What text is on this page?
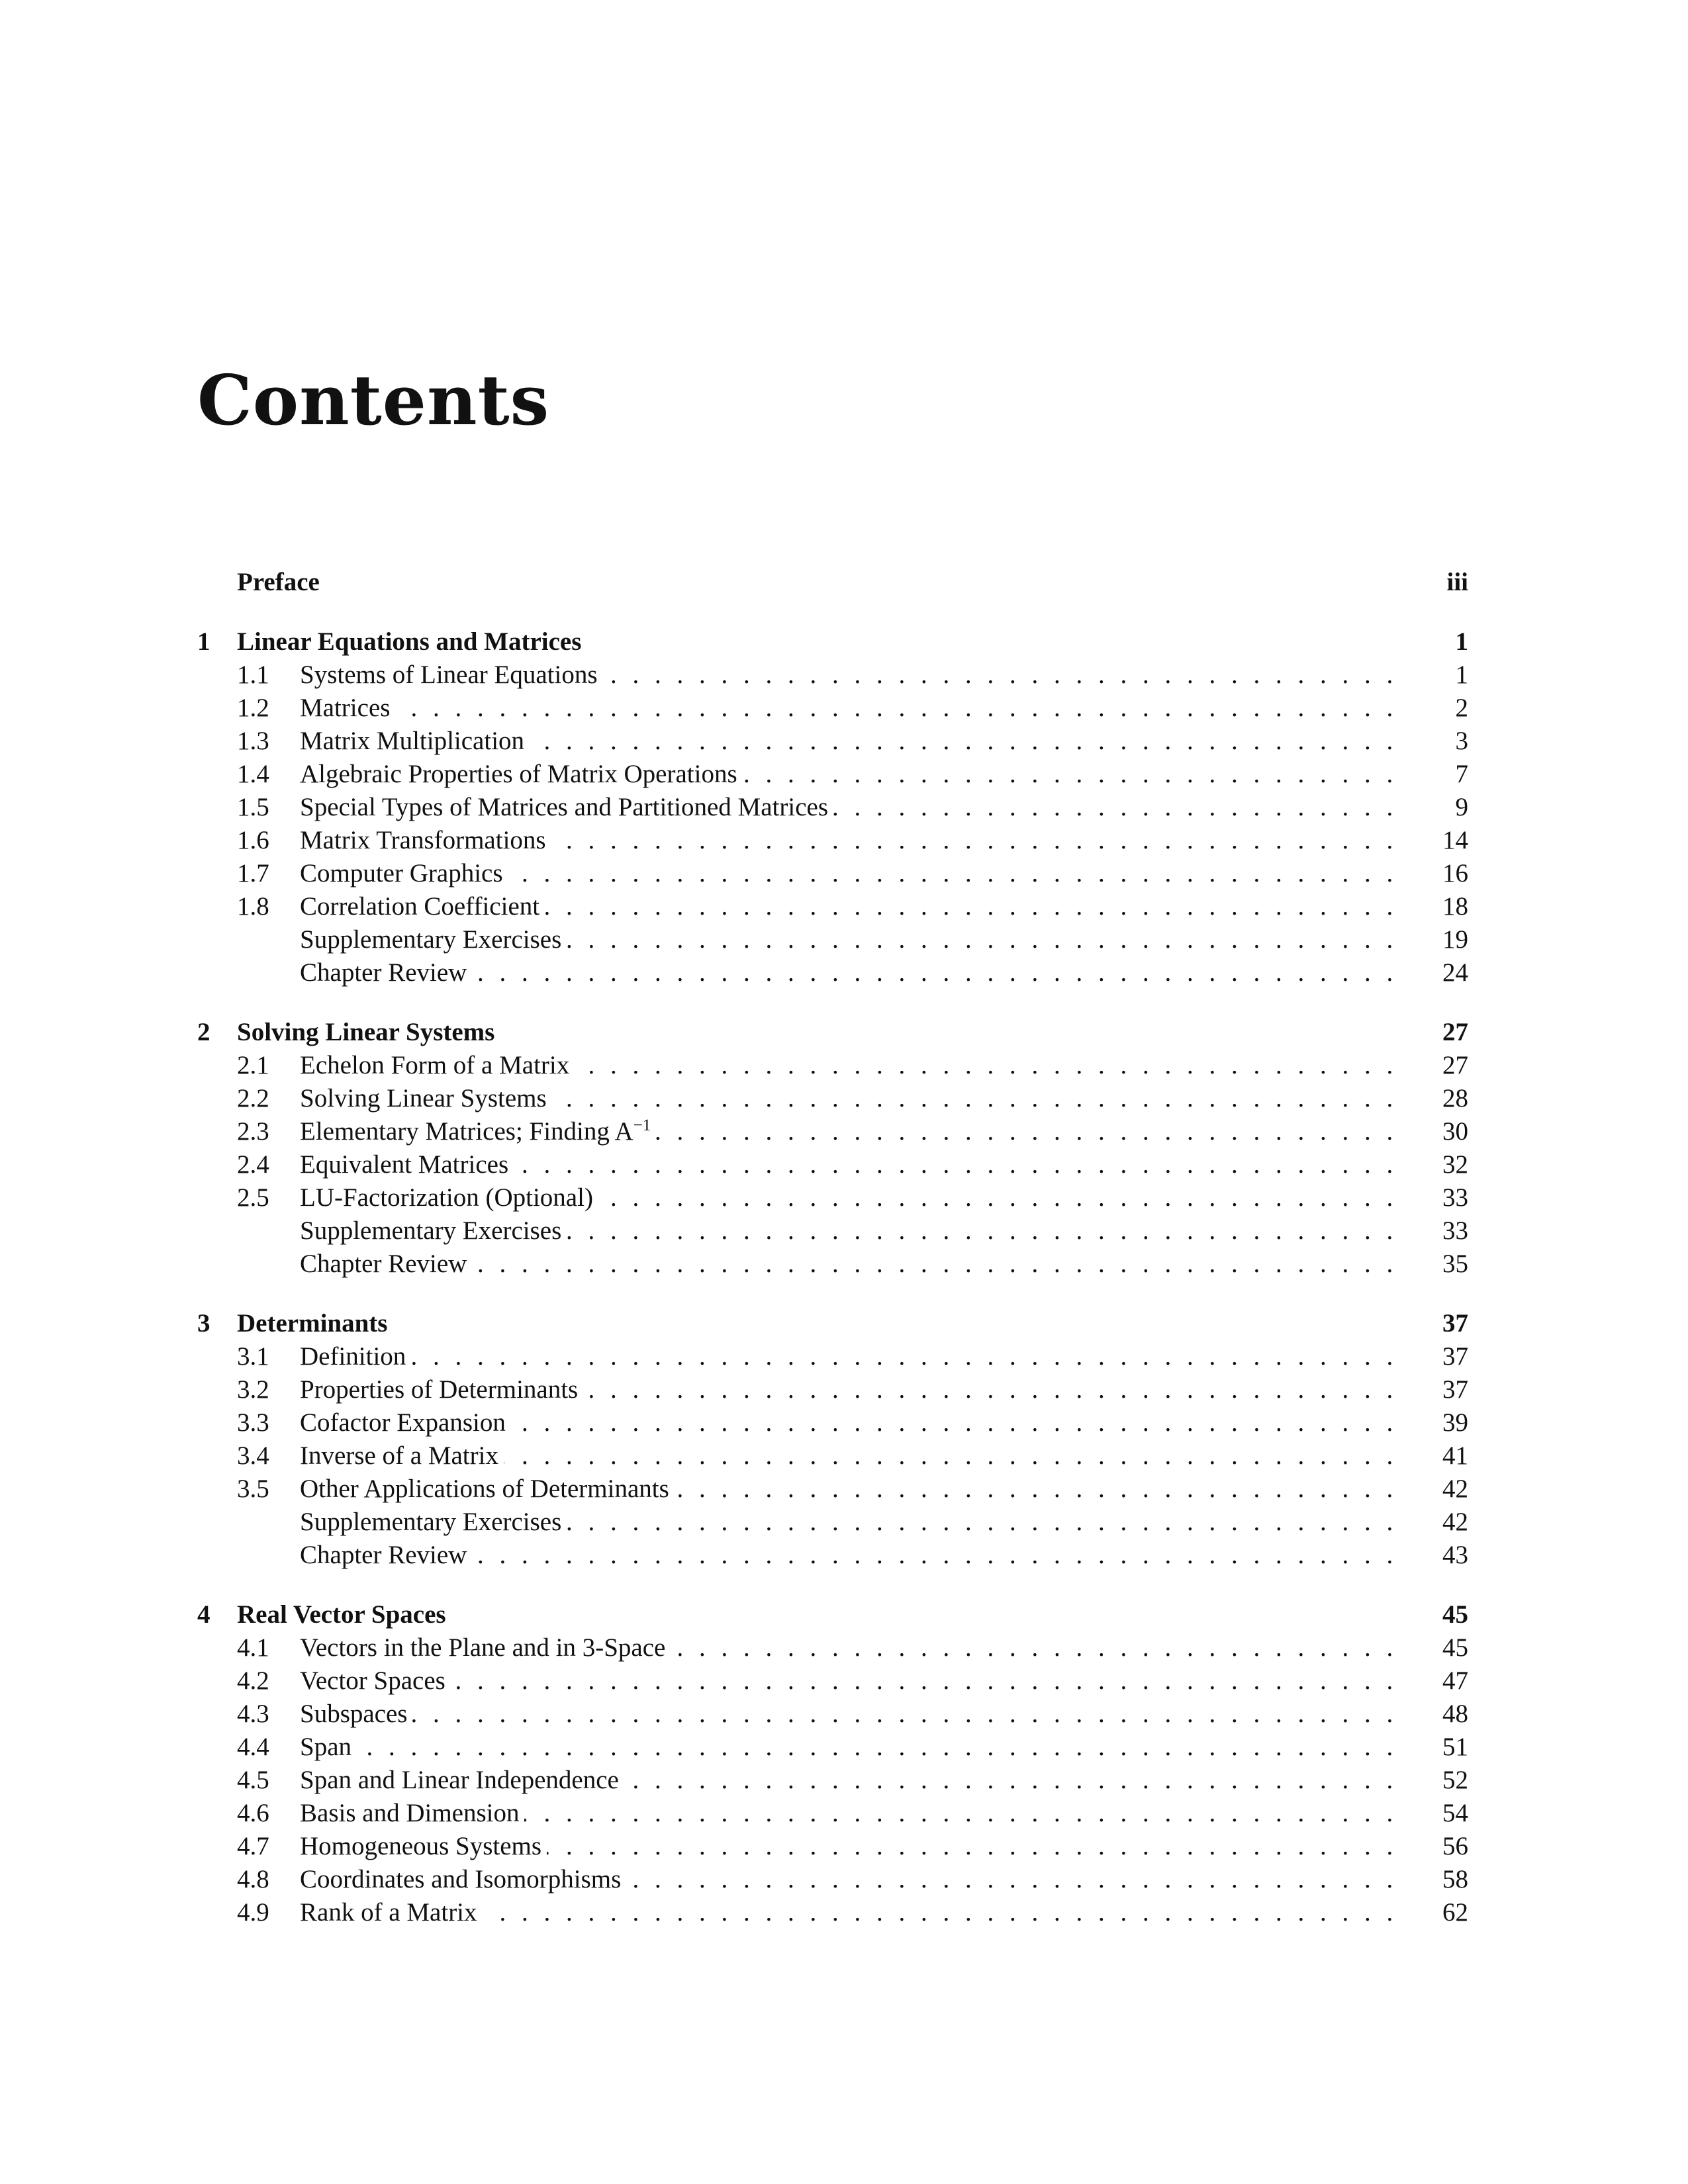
Contents
Preface	iii
1 Linear Equations and Matrices	1
1.1 Systems of Linear Equations . . .	1
1.2 Matrices . . .	2
1.3 Matrix Multiplication . . .	3
1.4 Algebraic Properties of Matrix Operations . . .	7
1.5 Special Types of Matrices and Partitioned Matrices . . .	9
1.6 Matrix Transformations . . .	14
1.7 Computer Graphics . . .	16
1.8 Correlation Coefficient . . .	18
Supplementary Exercises . . .	19
Chapter Review . . .	24
2 Solving Linear Systems	27
2.1 Echelon Form of a Matrix . . .	27
2.2 Solving Linear Systems . . .	28
2.3 Elementary Matrices; Finding $A^{-1}$ . . .	30
2.4 Equivalent Matrices . . .	32
2.5 LU-Factorization (Optional) . . .	33
Supplementary Exercises . . .	33
Chapter Review . . .	35
3 Determinants	37
3.1 Definition . . .	37
3.2 Properties of Determinants . . .	37
3.3 Cofactor Expansion . . .	39
3.4 Inverse of a Matrix . . .	41
3.5 Other Applications of Determinants . . .	42
Supplementary Exercises . . .	42
Chapter Review . . .	43
4 Real Vector Spaces	45
4.1 Vectors in the Plane and in 3-Space . . .	45
4.2 Vector Spaces . . .	47
4.3 Subspaces . . .	48
4.4 Span . . .	51
4.5 Span and Linear Independence . . .	52
4.6 Basis and Dimension . . .	54
4.7 Homogeneous Systems . . .	56
4.8 Coordinates and Isomorphisms . . .	58
4.9 Rank of a Matrix . . .	62
